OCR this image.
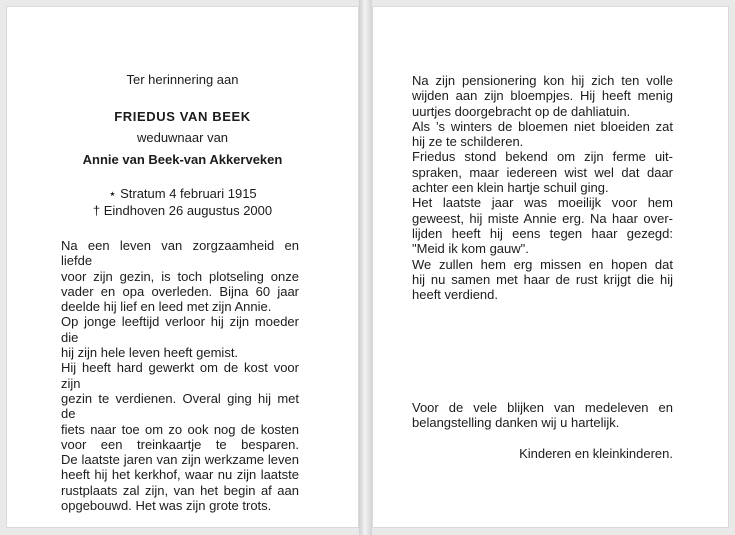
Ter herinnering aan
FRIEDUS VAN BEEK
weduwnaar van
Annie van Beek-van Akkerveken
⋆ Stratum 4 februari 1915
† Eindhoven 26 augustus 2000
Na een leven van zorgzaamheid en liefde
voor zijn gezin, is toch plotseling onze
vader en opa overleden. Bijna 60 jaar
deelde hij lief en leed met zijn Annie.
Op jonge leeftijd verloor hij zijn moeder die
hij zijn hele leven heeft gemist.
Hij heeft hard gewerkt om de kost voor zijn
gezin te verdienen. Overal ging hij met de
fiets naar toe om zo ook nog de kosten
voor een treinkaartje te besparen.
De laatste jaren van zijn werkzame leven
heeft hij het kerkhof, waar nu zijn laatste
rustplaats zal zijn, van het begin af aan
opgebouwd. Het was zijn grote trots.
Na zijn pensionering kon hij zich ten volle
wijden aan zijn bloempjes. Hij heeft menig
uurtjes doorgebracht op de dahliatuin.
Als ’s winters de bloemen niet bloeiden zat
hij ze te schilderen.
Friedus stond bekend om zijn ferme uit-
spraken, maar iedereen wist wel dat daar
achter een klein hartje schuil ging.
Het laatste jaar was moeilijk voor hem
geweest, hij miste Annie erg. Na haar over-
lijden heeft hij eens tegen haar gezegd:
"Meid ik kom gauw".
We zullen hem erg missen en hopen dat
hij nu samen met haar de rust krijgt die hij
heeft verdiend.
Voor de vele blijken van medeleven en
belangstelling danken wij u hartelijk.
Kinderen en kleinkinderen.
